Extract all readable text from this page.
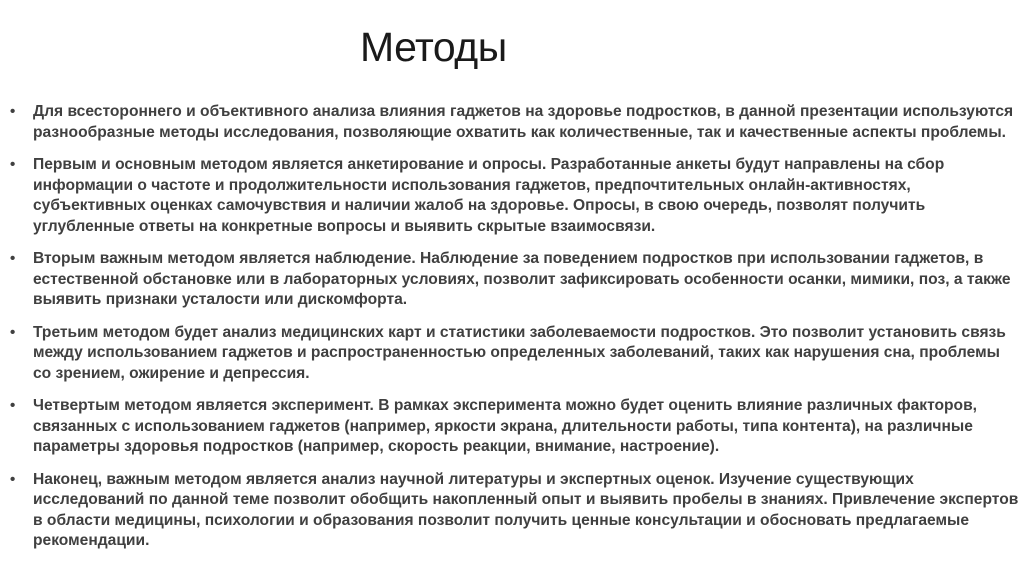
Методы
•	Для всестороннего и объективного анализа влияния гаджетов на здоровье подростков, в данной презентации используются разнообразные методы исследования, позволяющие охватить как количественные, так и качественные аспекты проблемы.
•	Первым и основным методом является анкетирование и опросы. Разработанные анкеты будут направлены на сбор информации о частоте и продолжительности использования гаджетов, предпочтительных онлайн-активностях, субъективных оценках самочувствия и наличии жалоб на здоровье. Опросы, в свою очередь, позволят получить углубленные ответы на конкретные вопросы и выявить скрытые взаимосвязи.
•	Вторым важным методом является наблюдение. Наблюдение за поведением подростков при использовании гаджетов, в естественной обстановке или в лабораторных условиях, позволит зафиксировать особенности осанки, мимики, поз, а также выявить признаки усталости или дискомфорта.
•	Третьим методом будет анализ медицинских карт и статистики заболеваемости подростков. Это позволит установить связь между использованием гаджетов и распространенностью определенных заболеваний, таких как нарушения сна, проблемы со зрением, ожирение и депрессия.
•	Четвертым методом является эксперимент. В рамках эксперимента можно будет оценить влияние различных факторов, связанных с использованием гаджетов (например, яркости экрана, длительности работы, типа контента), на различные параметры здоровья подростков (например, скорость реакции, внимание, настроение).
•	Наконец, важным методом является анализ научной литературы и экспертных оценок. Изучение существующих исследований по данной теме позволит обобщить накопленный опыт и выявить пробелы в знаниях. Привлечение экспертов в области медицины, психологии и образования позволит получить ценные консультации и обосновать предлагаемые рекомендации.
